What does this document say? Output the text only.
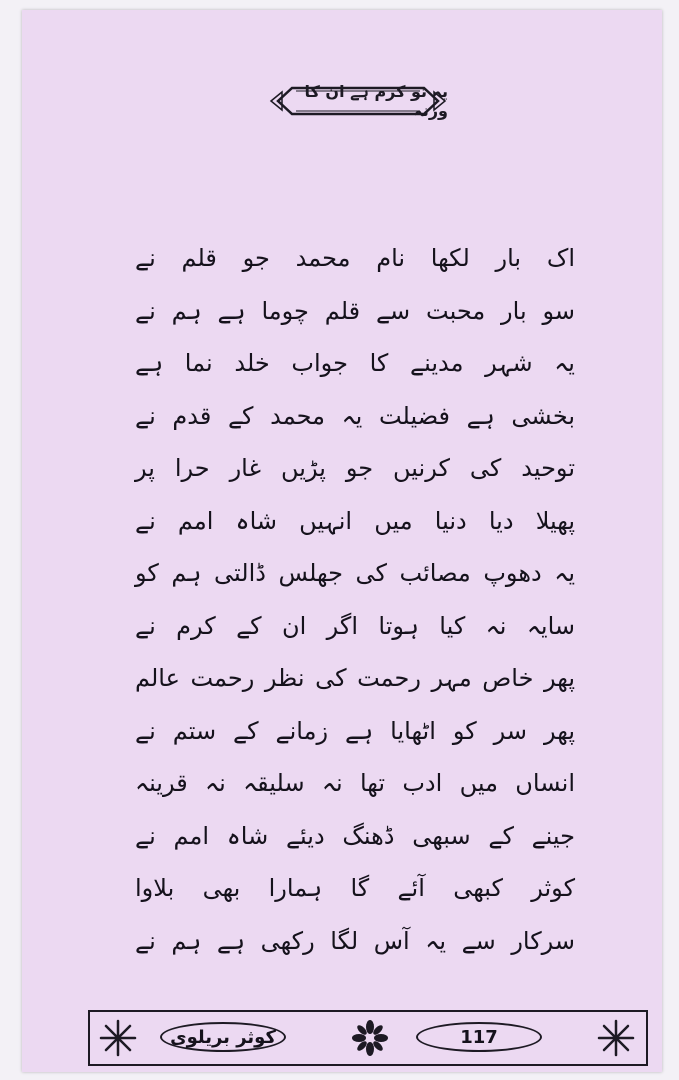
یہ تو کرم ہے ان کا ورنہ
اک بار لکھا نام محمد جو قلم نے
سو بار محبت سے قلم چوما ہے ہم نے
یہ شہر مدینے کا جواب خلد نما ہے
بخشی ہے فضیلت یہ محمد کے قدم نے
توحید کی کرنیں جو پڑیں غار حرا پر
پھیلا دیا دنیا میں انہیں شاہ امم نے
یہ دھوپ مصائب کی جھلس ڈالتی ہم کو
سایہ نہ کیا ہوتا اگر ان کے کرم نے
پھر خاص مہر رحمت کی نظر رحمت عالم
پھر سر کو اٹھایا ہے زمانے کے ستم نے
انساں میں ادب تھا نہ سلیقہ نہ قرینہ
جینے کے سبھی ڈھنگ دیئے شاہ امم نے
کوثر کبھی آئے گا ہمارا بھی بلاوا
سرکار سے یہ آس لگا رکھی ہے ہم نے
کوثر بریلوی	117
